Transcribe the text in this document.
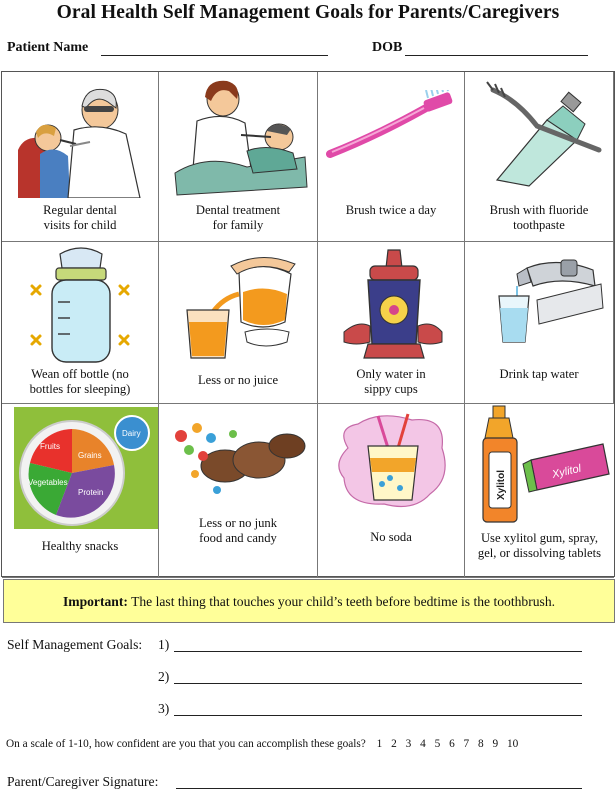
Oral Health Self Management Goals for Parents/Caregivers
Patient Name	DOB
Regular dental
visits for child
Dental treatment
for family
Brush twice a day	Brush with fluoride
toothpaste
Wean off bottle (no
bottles for sleeping)
Less or no juice	Only water in
sippy cups
Drink tap water
Fruits
Grains
Vegetables
Protein
Dairy
Healthy snacks
Less or no junk
food and candy	No soda
Xylitol	Xylitol
Use xylitol gum, spray,
gel, or dissolving tablets
Important: The last thing that touches your child’s teeth before bedtime is the toothbrush.
Self Management Goals: 1)
2)
3)
On a scale of 1-10, how confident are you that you can accomplish these goals? 1 2 3 4 5 6 7 8 9 10
Parent/Caregiver Signature:
